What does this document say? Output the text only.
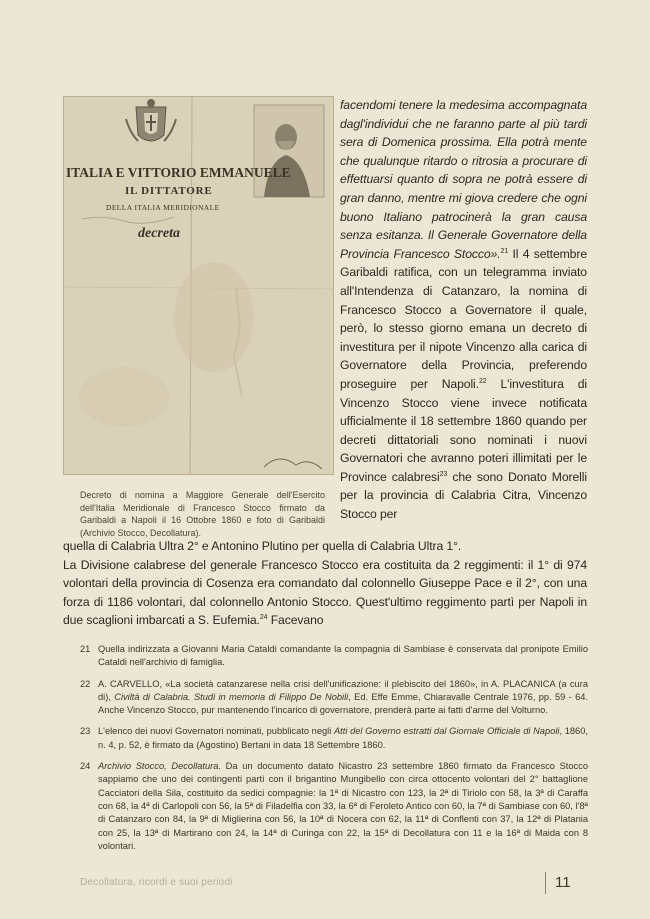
ITALIA E VITTORIO EMMANUELE
IL DITTATORE
DELLA ITALIA MERIDIONALE
decreta
Decreto di nomina a Maggiore Generale dell'Esercito dell'Italia Meridionale di Francesco Stocco firmato da Garibaldi a Napoli il 16 Ottobre 1860 e foto di Garibaldi (Archivio Stocco, Decollatura).
facendomi tenere la medesima accompagnata dagl'individui che ne faranno parte al più tardi sera di Domenica prossima. Ella potrà mente che qualunque ritardo o ritrosia a procurare di effettuarsi quanto di sopra ne potrà essere di gran danno, mentre mi giova credere che ogni buono Italiano patrocinerà la gran causa senza esitanza. Il Generale Governatore della Provincia Francesco Stocco».$^{21}$ Il 4 settembre Garibaldi ratifica, con un telegramma inviato all'Intendenza di Catanzaro, la nomina di Francesco Stocco a Governatore il quale, però, lo stesso giorno emana un decreto di investitura per il nipote Vincenzo alla carica di Governatore della Provincia, preferendo proseguire per Napoli.$^{22}$ L'investitura di Vincenzo Stocco viene invece notificata ufficialmente il 18 settembre 1860 quando per decreti dittatoriali sono nominati i nuovi Governatori che avranno poteri illimitati per le Province calabresi$^{23}$ che sono Donato Morelli per la provincia di Calabria Citra, Vincenzo Stocco per
quella di Calabria Ultra 2° e Antonino Plutino per quella di Calabria Ultra 1°.
La Divisione calabrese del generale Francesco Stocco era costituita da 2 reggimenti: il 1° di 974 volontari della provincia di Cosenza era comandato dal colonnello Giuseppe Pace e il 2°, con una forza di 1186 volontari, dal colonnello Antonio Stocco. Quest'ultimo reggimento partì per Napoli in due scaglioni imbarcati a S. Eufemia.$^{24}$ Facevano
21 Quella indirizzata a Giovanni Maria Cataldi comandante la compagnia di Sambiase è conservata dal pronipote Emilio Cataldi nell'archivio di famiglia.
22 A. CARVELLO, «La società catanzarese nella crisi dell'unificazione: il plebiscito del 1860», in A. PLACANICA (a cura di), Civiltà di Calabria. Studi in memoria di Filippo De Nobili, Ed. Effe Emme, Chiaravalle Centrale 1976, pp. 59 - 64. Anche Vincenzo Stocco, pur mantenendo l'incarico di governatore, prenderà parte ai fatti d'arme del Volturno.
23 L'elenco dei nuovi Governatori nominati, pubblicato negli Atti del Governo estratti dal Giornale Officiale di Napoli, 1860, n. 4, p. 52, è firmato da (Agostino) Bertani in data 18 Settembre 1860.
24 Archivio Stocco, Decollatura. Da un documento datato Nicastro 23 settembre 1860 firmato da Francesco Stocco sappiamo che uno dei contingenti partì con il brigantino Mungibello con circa ottocento volontari del 2° battaglione Cacciatori della Sila, costituito da sedici compagnie: la 1ª di Nicastro con 123, la 2ª di Tiriolo con 58, la 3ª di Caraffa con 68, la 4ª di Carlopoli con 56, la 5ª di Filadelfia con 33, la 6ª di Feroleto Antico con 60, la 7ª di Sambiase con 60, l'8ª di Catanzaro con 84, la 9ª di Miglierina con 56, la 10ª di Nocera con 62, la 11ª di Conflenti con 37, la 12ª di Platania con 25, la 13ª di Martirano con 24, la 14ª di Curinga con 22, la 15ª di Decollatura con 11 e la 16ª di Maida con 8 volontari.
Decollatura, ricordi e suoi periodi	11
